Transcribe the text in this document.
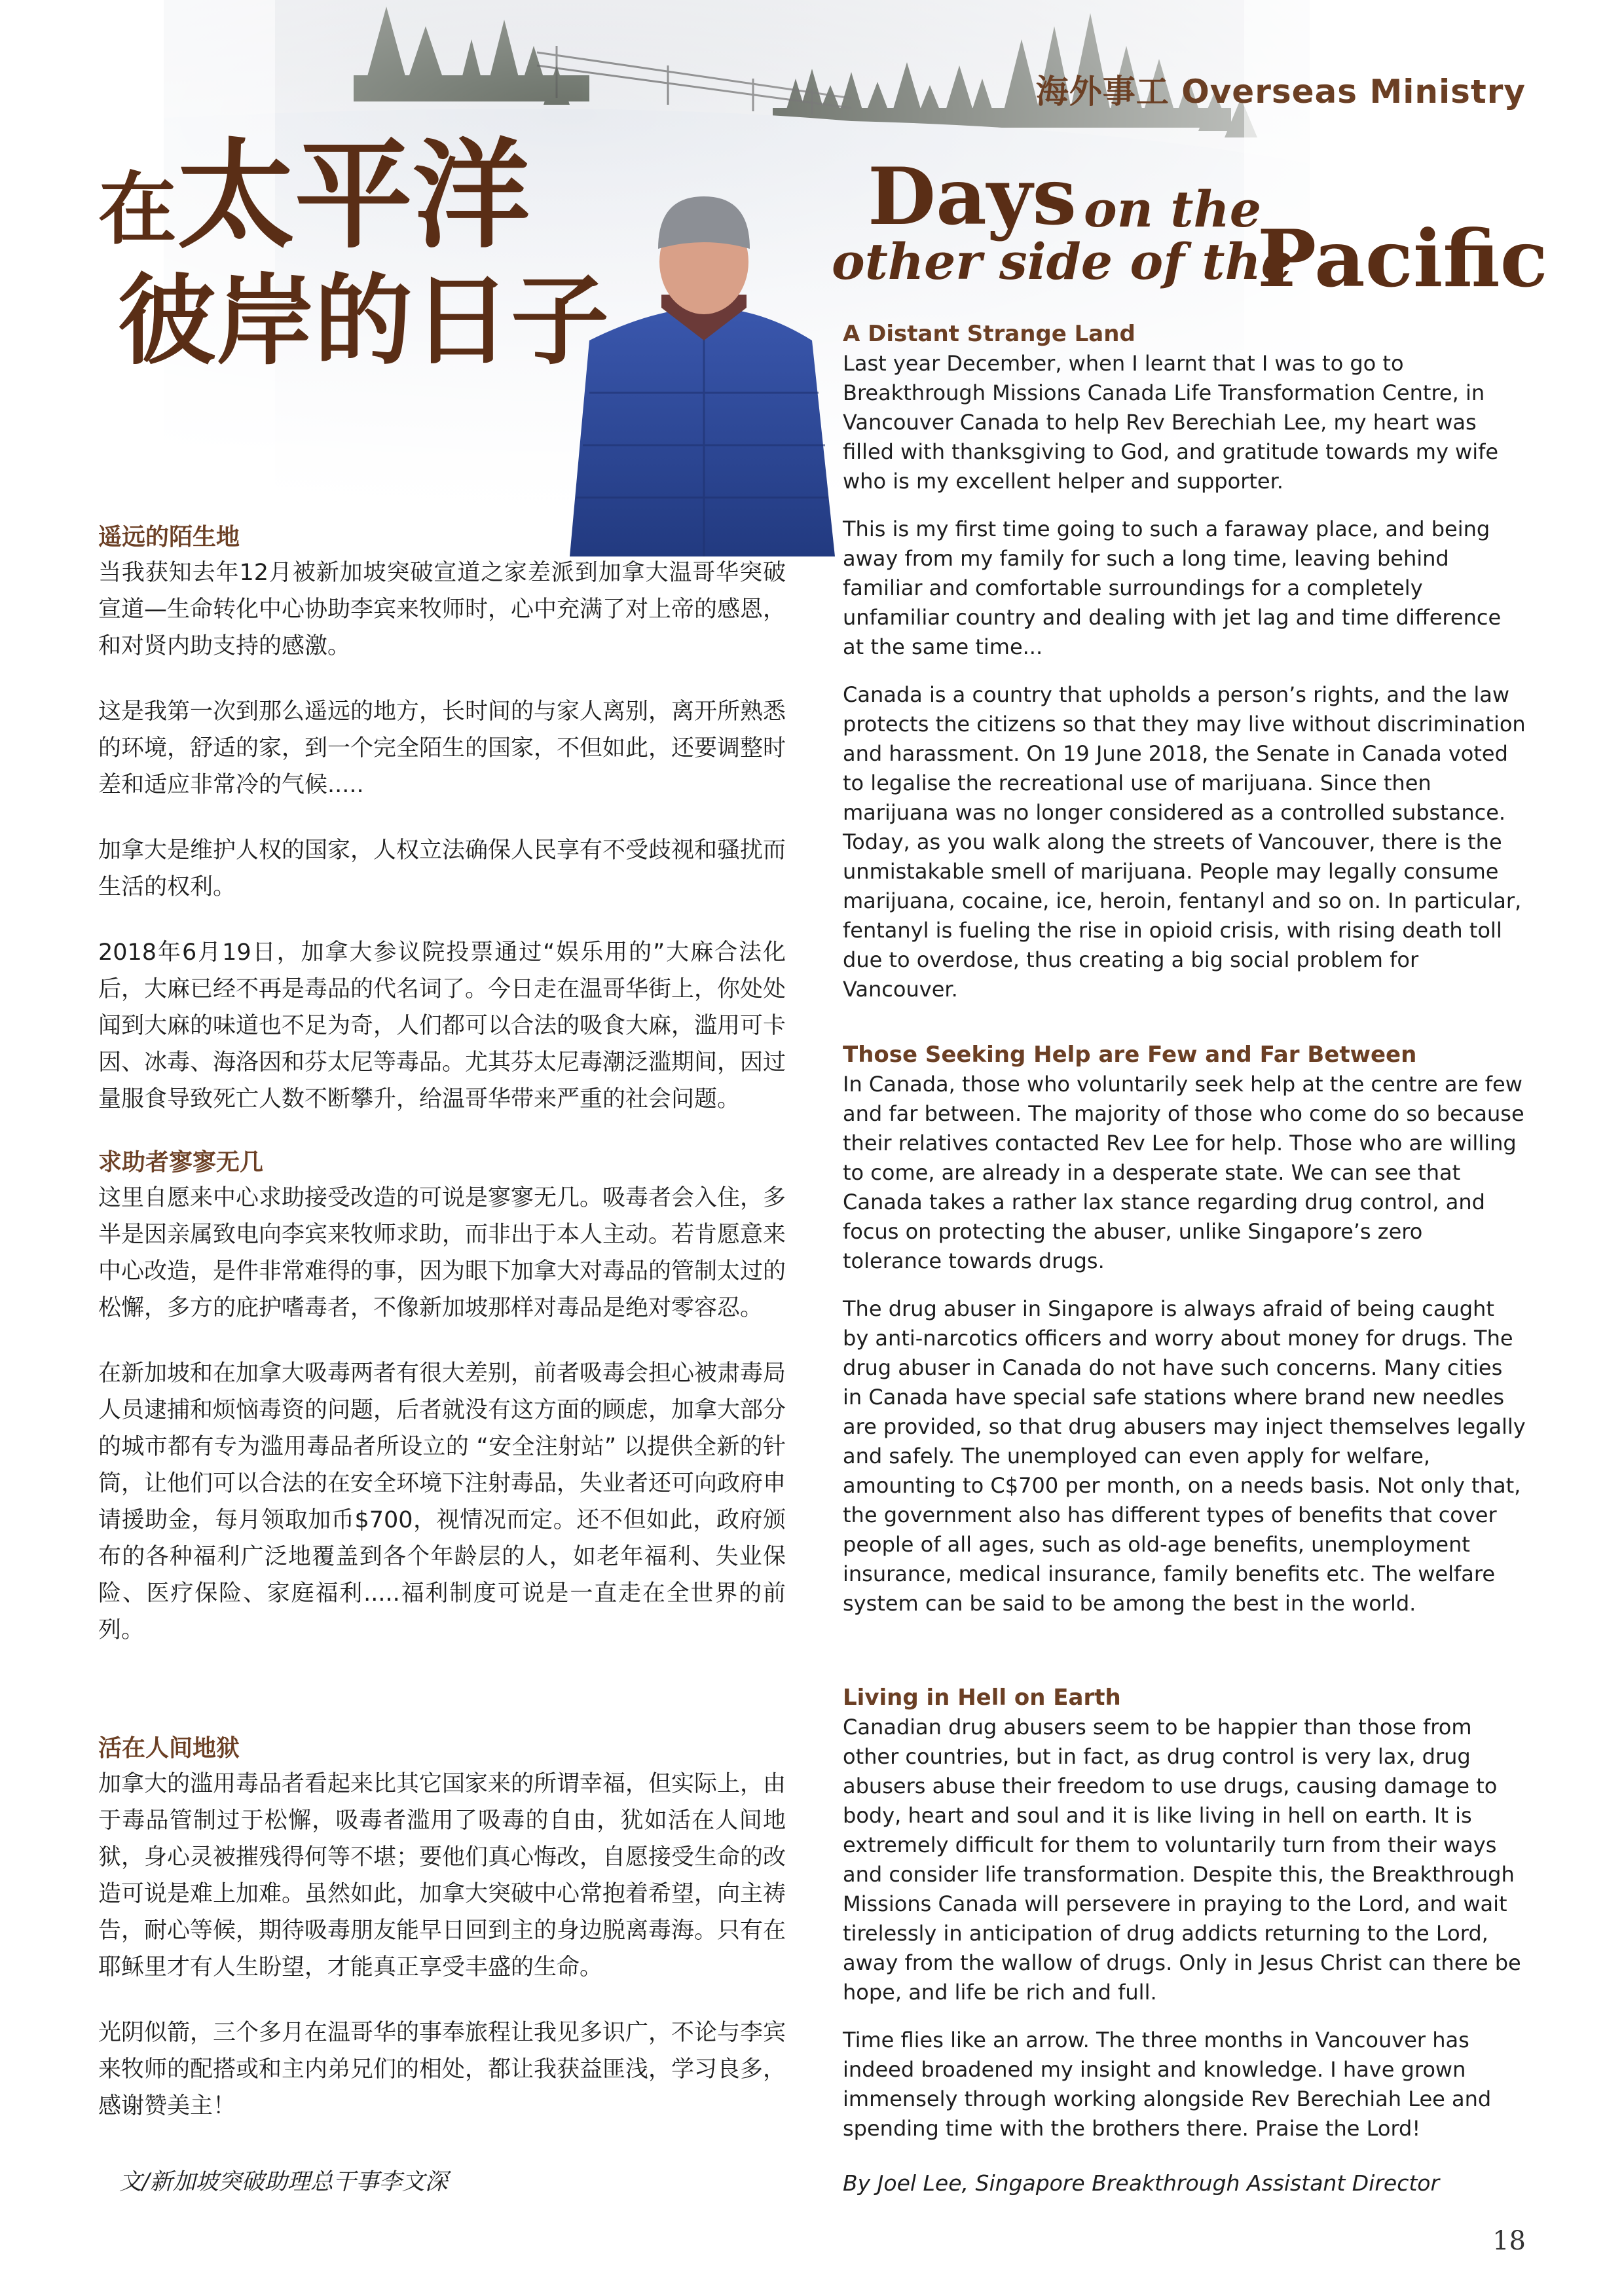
海外事工 Overseas Ministry
在太平洋
彼岸的日子
Days on the
other side of the
Pacific
遥远的陌生地

当我获知去年12月被新加坡突破宣道之家差派到加拿大温哥华突破宣道—生命转化中心协助李宾来牧师时，心中充满了对上帝的感恩，和对贤内助支持的感激。

这是我第一次到那么遥远的地方，长时间的与家人离别，离开所熟悉的环境，舒适的家，到一个完全陌生的国家，不但如此，还要调整时差和适应非常冷的气候.....

加拿大是维护人权的国家，人权立法确保人民享有不受歧视和骚扰而生活的权利。

2018年6月19日，加拿大参议院投票通过“娱乐用的”大麻合法化后，大麻已经不再是毒品的代名词了。今日走在温哥华街上，你处处闻到大麻的味道也不足为奇，人们都可以合法的吸食大麻，滥用可卡因、冰毒、海洛因和芬太尼等毒品。尤其芬太尼毒潮泛滥期间，因过量服食导致死亡人数不断攀升，给温哥华带来严重的社会问题。

求助者寥寥无几

这里自愿来中心求助接受改造的可说是寥寥无几。吸毒者会入住，多半是因亲属致电向李宾来牧师求助，而非出于本人主动。若肯愿意来中心改造，是件非常难得的事，因为眼下加拿大对毒品的管制太过的松懈，多方的庇护嗜毒者，不像新加坡那样对毒品是绝对零容忍。

在新加坡和在加拿大吸毒两者有很大差别，前者吸毒会担心被肃毒局人员逮捕和烦恼毒资的问题，后者就没有这方面的顾虑，加拿大部分的城市都有专为滥用毒品者所设立的 “安全注射站” 以提供全新的针筒，让他们可以合法的在安全环境下注射毒品，失业者还可向政府申请援助金，每月领取加币$700，视情况而定。还不但如此，政府颁布的各种福利广泛地覆盖到各个年龄层的人，如老年福利、失业保险、医疗保险、家庭福利.....福利制度可说是一直走在全世界的前列。

活在人间地狱

加拿大的滥用毒品者看起来比其它国家来的所谓幸福，但实际上，由于毒品管制过于松懈，吸毒者滥用了吸毒的自由，犹如活在人间地狱，身心灵被摧残得何等不堪；要他们真心悔改，自愿接受生命的改造可说是难上加难。虽然如此，加拿大突破中心常抱着希望，向主祷告，耐心等候，期待吸毒朋友能早日回到主的身边脱离毒海。只有在耶稣里才有人生盼望，才能真正享受丰盛的生命。

光阴似箭，三个多月在温哥华的事奉旅程让我见多识广，不论与李宾来牧师的配搭或和主内弟兄们的相处，都让我获益匪浅，学习良多，感谢赞美主！

文/新加坡突破助理总干事李文深
A Distant Strange Land

Last year December, when I learnt that I was to go to Breakthrough Missions Canada Life Transformation Centre, in Vancouver Canada to help Rev Berechiah Lee, my heart was filled with thanksgiving to God, and gratitude towards my wife who is my excellent helper and supporter.

This is my first time going to such a faraway place, and being away from my family for such a long time, leaving behind familiar and comfortable surroundings for a completely unfamiliar country and dealing with jet lag and time difference at the same time...

Canada is a country that upholds a person’s rights, and the law protects the citizens so that they may live without discrimination and harassment. On 19 June 2018, the Senate in Canada voted to legalise the recreational use of marijuana. Since then marijuana was no longer considered as a controlled substance. Today, as you walk along the streets of Vancouver, there is the unmistakable smell of marijuana. People may legally consume marijuana, cocaine, ice, heroin, fentanyl and so on. In particular, fentanyl is fueling the rise in opioid crisis, with rising death toll due to overdose, thus creating a big social problem for Vancouver.

Those Seeking Help are Few and Far Between

In Canada, those who voluntarily seek help at the centre are few and far between. The majority of those who come do so because their relatives contacted Rev Lee for help. Those who are willing to come, are already in a desperate state. We can see that Canada takes a rather lax stance regarding drug control, and focus on protecting the abuser, unlike Singapore’s zero tolerance towards drugs.

The drug abuser in Singapore is always afraid of being caught by anti-narcotics officers and worry about money for drugs. The drug abuser in Canada do not have such concerns. Many cities in Canada have special safe stations where brand new needles are provided, so that drug abusers may inject themselves legally and safely. The unemployed can even apply for welfare, amounting to C$700 per month, on a needs basis. Not only that, the government also has different types of benefits that cover people of all ages, such as old-age benefits, unemployment insurance, medical insurance, family benefits etc. The welfare system can be said to be among the best in the world.

Living in Hell on Earth

Canadian drug abusers seem to be happier than those from other countries, but in fact, as drug control is very lax, drug abusers abuse their freedom to use drugs, causing damage to body, heart and soul and it is like living in hell on earth. It is extremely difficult for them to voluntarily turn from their ways and consider life transformation. Despite this, the Breakthrough Missions Canada will persevere in praying to the Lord, and wait tirelessly in anticipation of drug addicts returning to the Lord, away from the wallow of drugs. Only in Jesus Christ can there be hope, and life be rich and full.

Time flies like an arrow. The three months in Vancouver has indeed broadened my insight and knowledge. I have grown immensely through working alongside Rev Berechiah Lee and spending time with the brothers there. Praise the Lord!

By Joel Lee, Singapore Breakthrough Assistant Director
18
